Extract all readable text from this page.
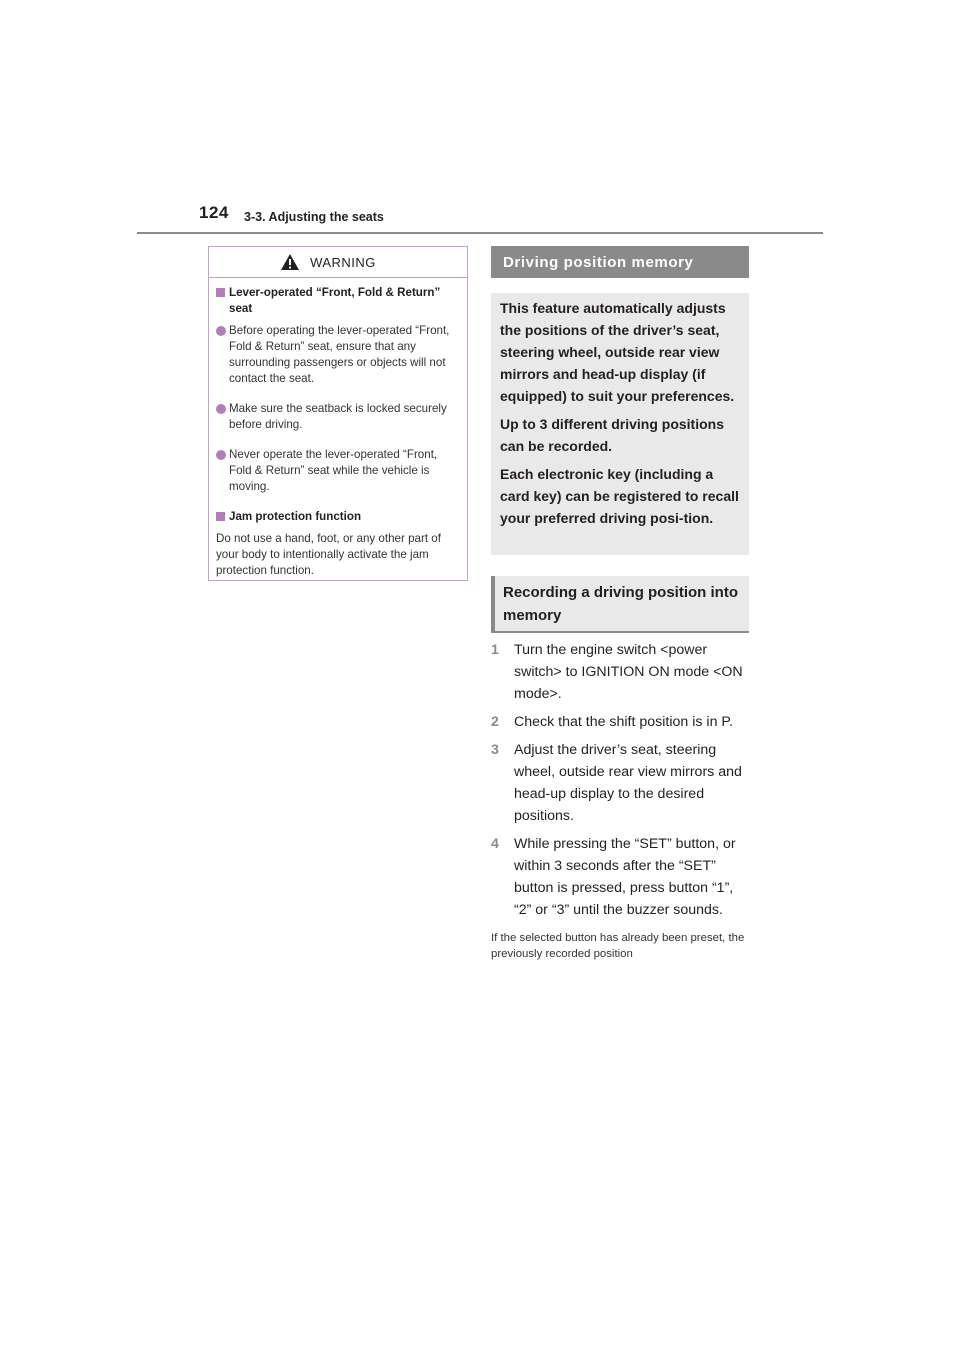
124 3-3. Adjusting the seats
WARNING
Lever-operated “Front, Fold & Return” seat
Before operating the lever-operated “Front, Fold & Return” seat, ensure that any surrounding passengers or objects will not contact the seat.
Make sure the seatback is locked securely before driving.
Never operate the lever-operated “Front, Fold & Return” seat while the vehicle is moving.
Jam protection function
Do not use a hand, foot, or any other part of your body to intentionally activate the jam protection function.
Driving position memory

This feature automatically adjusts the positions of the driver’s seat, steering wheel, outside rear view mirrors and head-up display (if equipped) to suit your preferences.

Up to 3 different driving positions can be recorded.

Each electronic key (including a card key) can be registered to recall your preferred driving posi-tion.

Recording a driving position into memory
1 Turn the engine switch <power switch> to IGNITION ON mode <ON mode>.
2 Check that the shift position is in P.
3 Adjust the driver’s seat, steering wheel, outside rear view mirrors and head-up display to the desired positions.
4 While pressing the “SET” button, or within 3 seconds after the “SET” button is pressed, press button “1”, “2” or “3” until the buzzer sounds.
If the selected button has already been preset, the previously recorded position
